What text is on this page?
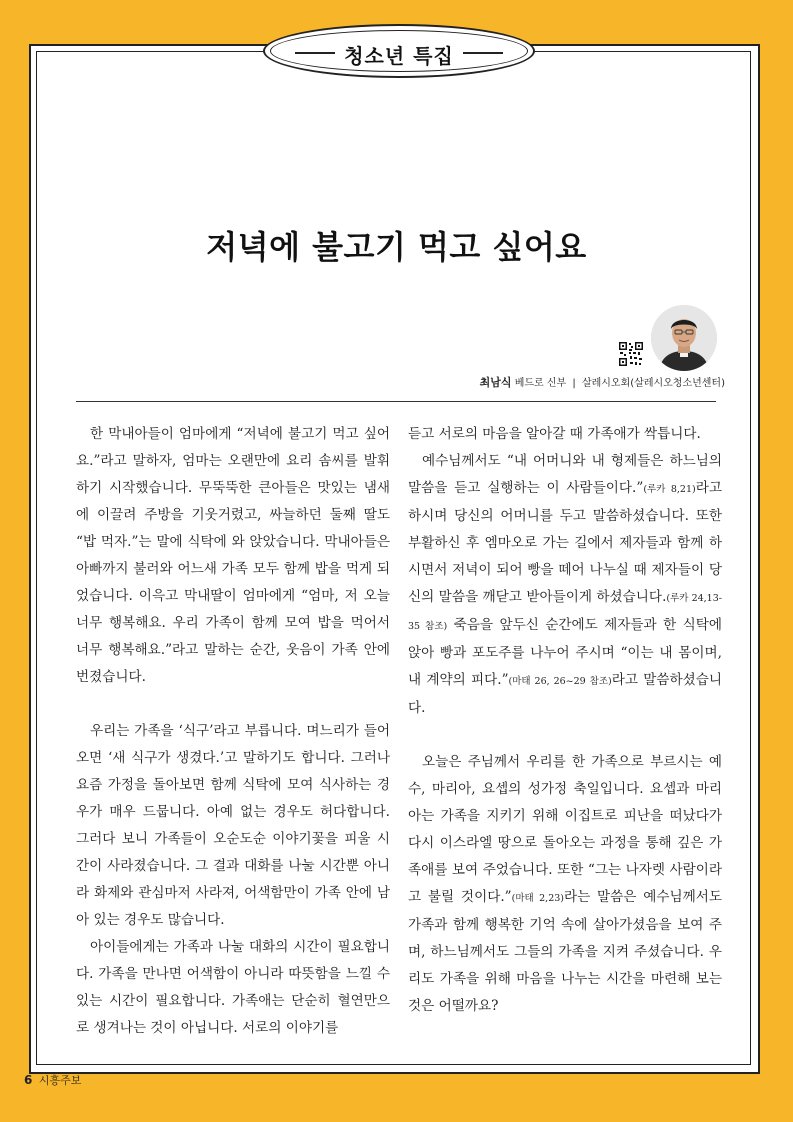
청소년 특집
저녁에 불고기 먹고 싶어요
최남식 베드로 신부 | 살레시오회(살레시오청소년센터)

한 막내아들이 엄마에게 “저녁에 불고기 먹고 싶어요.”라고 말하자, 엄마는 오랜만에 요리 솜씨를 발휘하기 시작했습니다. 무뚝뚝한 큰아들은 맛있는 냄새에 이끌려 주방을 기웃거렸고, 싸늘하던 둘째 딸도 “밥 먹자.”는 말에 식탁에 와 앉았습니다. 막내아들은 아빠까지 불러와 어느새 가족 모두 함께 밥을 먹게 되었습니다. 이윽고 막내딸이 엄마에게 “엄마, 저 오늘 너무 행복해요. 우리 가족이 함께 모여 밥을 먹어서 너무 행복해요.”라고 말하는 순간, 웃음이 가족 안에 번졌습니다.

우리는 가족을 ‘식구’라고 부릅니다. 며느리가 들어오면 ‘새 식구가 생겼다.’고 말하기도 합니다. 그러나 요즘 가정을 돌아보면 함께 식탁에 모여 식사하는 경우가 매우 드뭅니다. 아예 없는 경우도 허다합니다. 그러다 보니 가족들이 오순도순 이야기꽃을 피울 시간이 사라졌습니다. 그 결과 대화를 나눌 시간뿐 아니라 화제와 관심마저 사라져, 어색함만이 가족 안에 남아 있는 경우도 많습니다.

아이들에게는 가족과 나눌 대화의 시간이 필요합니다. 가족을 만나면 어색함이 아니라 따뜻함을 느낄 수 있는 시간이 필요합니다. 가족애는 단순히 혈연만으로 생겨나는 것이 아닙니다. 서로의 이야기를

듣고 서로의 마음을 알아갈 때 가족애가 싹틉니다.

예수님께서도 “내 어머니와 내 형제들은 하느님의 말씀을 듣고 실행하는 이 사람들이다.”(루카 8,21)라고 하시며 당신의 어머니를 두고 말씀하셨습니다. 또한 부활하신 후 엠마오로 가는 길에서 제자들과 함께 하시면서 저녁이 되어 빵을 떼어 나누실 때 제자들이 당신의 말씀을 깨닫고 받아들이게 하셨습니다.(루카 24,13-35 참조) 죽음을 앞두신 순간에도 제자들과 한 식탁에 앉아 빵과 포도주를 나누어 주시며 “이는 내 몸이며, 내 계약의 피다.”(마태 26, 26~29 참조)라고 말씀하셨습니다.

오늘은 주님께서 우리를 한 가족으로 부르시는 예수, 마리아, 요셉의 성가정 축일입니다. 요셉과 마리아는 가족을 지키기 위해 이집트로 피난을 떠났다가 다시 이스라엘 땅으로 돌아오는 과정을 통해 깊은 가족애를 보여 주었습니다. 또한 “그는 나자렛 사람이라고 불릴 것이다.”(마태 2,23)라는 말씀은 예수님께서도 가족과 함께 행복한 기억 속에 살아가셨음을 보여 주며, 하느님께서도 그들의 가족을 지켜 주셨습니다. 우리도 가족을 위해 마음을 나누는 시간을 마련해 보는 것은 어떨까요?

6 시흥주보
